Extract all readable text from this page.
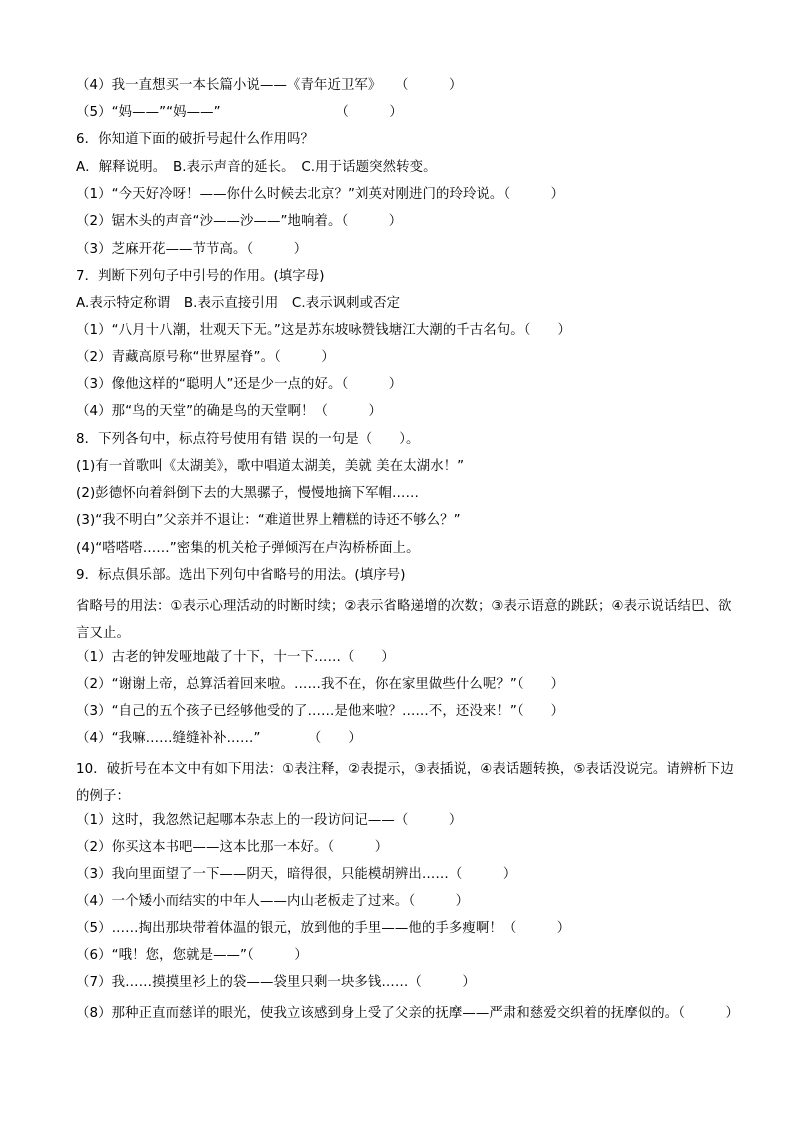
（4）我一直想买一本长篇小说——《青年近卫军》　　（　　　）
（5）“妈——”“妈——”　　　　　　　　　（　　　）
6．你知道下面的破折号起什么作用吗？
A．解释说明。　B.表示声音的延长。　C.用于话题突然转变。
（1）“今天好冷呀！——你什么时候去北京？”刘英对刚进门的玲玲说。（　　　）
（2）锯木头的声音“沙——沙——”地响着。（　　　）
（3）芝麻开花——节节高。（　　　）
7．判断下列句子中引号的作用。(填字母)
A.表示特定称谓　B.表示直接引用　C.表示讽刺或否定
（1）“八月十八潮，壮观天下无。”这是苏东坡咏赞钱塘江大潮的千古名句。（　　）
（2）青藏高原号称“世界屋脊”。（　　　）
（3）像他这样的“聪明人”还是少一点的好。（　　　）
（4）那“鸟的天堂”的确是鸟的天堂啊！（　　　）
8．下列各句中，标点符号使用有错 误的一句是（　　）。
(1)有一首歌叫《太湖美》，歌中唱道太湖美，美就 美在太湖水！”
(2)彭德怀向着斜倒下去的大黑骡子，慢慢地摘下军帽……
(3)“我不明白”父亲并不退让：“难道世界上糟糕的诗还不够么？”
(4)“嗒嗒嗒……”密集的机关枪子弹倾泻在卢沟桥桥面上。
9．标点俱乐部。选出下列句中省略号的用法。(填序号)
省略号的用法：①表示心理活动的时断时续；②表示省略递增的次数；③表示语意的跳跃；④表示说话结巴、欲言又止。
（1）古老的钟发哑地敲了十下，十一下……（　　）
（2）“谢谢上帝，总算活着回来啦。……我不在，你在家里做些什么呢？”（　　）
（3）“自己的五个孩子已经够他受的了……是他来啦？……不，还没来！”（　　）
（4）“我嘛……缝缝补补……”　　　　（　　）
10．破折号在本文中有如下用法：①表注释，②表提示，③表插说，④表话题转换，⑤表话没说完。请辨析下边的例子：
（1）这时，我忽然记起哪本杂志上的一段访问记——（　　　）
（2）你买这本书吧——这本比那一本好。（　　　）
（3）我向里面望了一下——阴天，暗得很，只能模胡辨出……（　　　）
（4）一个矮小而结实的中年人——内山老板走了过来。（　　　）
（5）……掏出那块带着体温的银元，放到他的手里——他的手多瘦啊！（　　　）
（6）“哦！您，您就是——”（　　　）
（7）我……摸摸里衫上的袋——袋里只剩一块多钱……（　　　）
（8）那种正直而慈详的眼光，使我立该感到身上受了父亲的抚摩——严肃和慈爱交织着的抚摩似的。（　　　）
